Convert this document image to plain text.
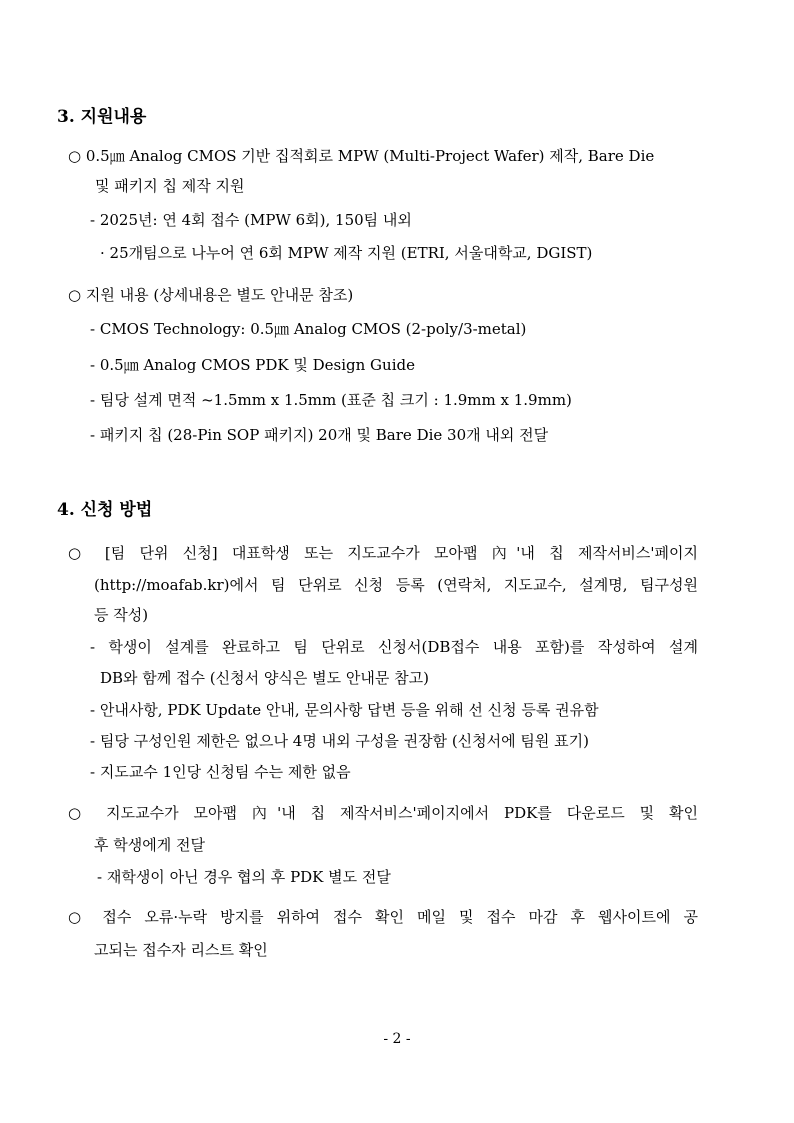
3. 지원내용
○ 0.5㎛ Analog CMOS 기반 집적회로 MPW (Multi-Project Wafer) 제작, Bare Die
및 패키지 칩 제작 지원
- 2025년: 연 4회 접수 (MPW 6회), 150팀 내외
· 25개팀으로 나누어 연 6회 MPW 제작 지원 (ETRI, 서울대학교, DGIST)
○ 지원 내용 (상세내용은 별도 안내문 참조)
- CMOS Technology: 0.5㎛ Analog CMOS (2-poly/3-metal)
- 0.5㎛ Analog CMOS PDK 및 Design Guide
- 팀당 설계 면적 ~1.5mm x 1.5mm (표준 칩 크기 : 1.9mm x 1.9mm)
- 패키지 칩 (28-Pin SOP 패키지) 20개 및 Bare Die 30개 내외 전달
4. 신청 방법
○ [팀 단위 신청] 대표학생 또는 지도교수가 모아팹 內'내 칩 제작서비스'페이지
(http://moafab.kr)에서 팀 단위로 신청 등록 (연락처, 지도교수, 설계명, 팀구성원
등 작성)
- 학생이 설계를 완료하고 팀 단위로 신청서(DB접수 내용 포함)를 작성하여 설계
DB와 함께 접수 (신청서 양식은 별도 안내문 참고)
- 안내사항, PDK Update 안내, 문의사항 답변 등을 위해 선 신청 등록 권유함
- 팀당 구성인원 제한은 없으나 4명 내외 구성을 권장함 (신청서에 팀원 표기)
- 지도교수 1인당 신청팀 수는 제한 없음
○ 지도교수가 모아팹 內'내 칩 제작서비스'페이지에서 PDK를 다운로드 및 확인
후 학생에게 전달
- 재학생이 아닌 경우 협의 후 PDK 별도 전달
○ 접수 오류·누락 방지를 위하여 접수 확인 메일 및 접수 마감 후 웹사이트에 공
고되는 접수자 리스트 확인
- 2 -
